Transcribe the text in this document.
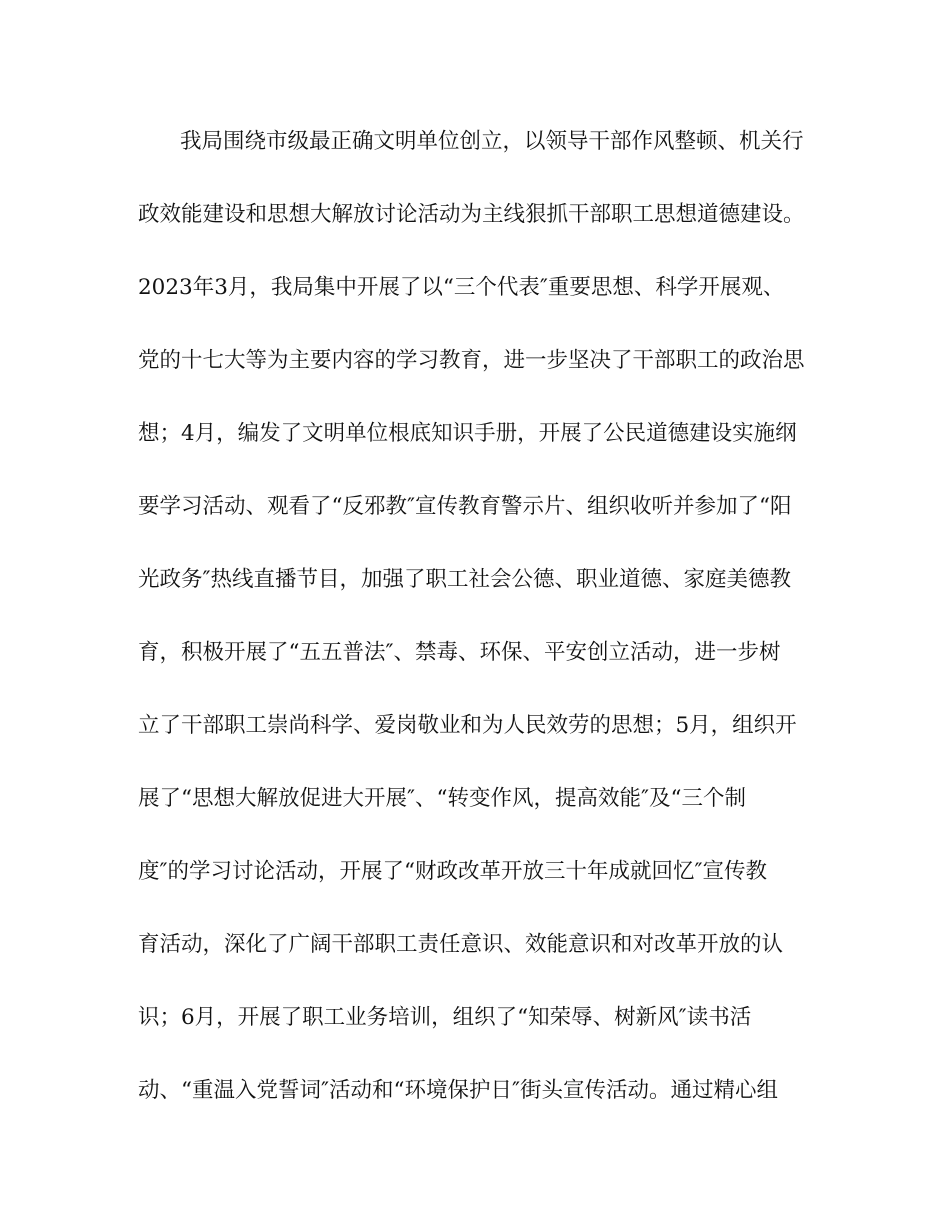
我局围绕市级最正确文明单位创立，以领导干部作风整顿、机关行
政效能建设和思想大解放讨论活动为主线狠抓干部职工思想道德建设。
2023年3月，我局集中开展了以“三个代表″重要思想、科学开展观、
党的十七大等为主要内容的学习教育，进一步坚决了干部职工的政治思
想；4月，编发了文明单位根底知识手册，开展了公民道德建设实施纲
要学习活动、观看了“反邪教″宣传教育警示片、组织收听并参加了“阳
光政务″热线直播节目，加强了职工社会公德、职业道德、家庭美德教
育，积极开展了“五五普法″、禁毒、环保、平安创立活动，进一步树
立了干部职工崇尚科学、爱岗敬业和为人民效劳的思想；5月，组织开
展了“思想大解放促进大开展″、“转变作风，提高效能″及“三个制
度″的学习讨论活动，开展了“财政改革开放三十年成就回忆″宣传教
育活动，深化了广阔干部职工责任意识、效能意识和对改革开放的认
识；6月，开展了职工业务培训，组织了“知荣辱、树新风″读书活
动、“重温入党誓词″活动和“环境保护日″街头宣传活动。通过精心组
